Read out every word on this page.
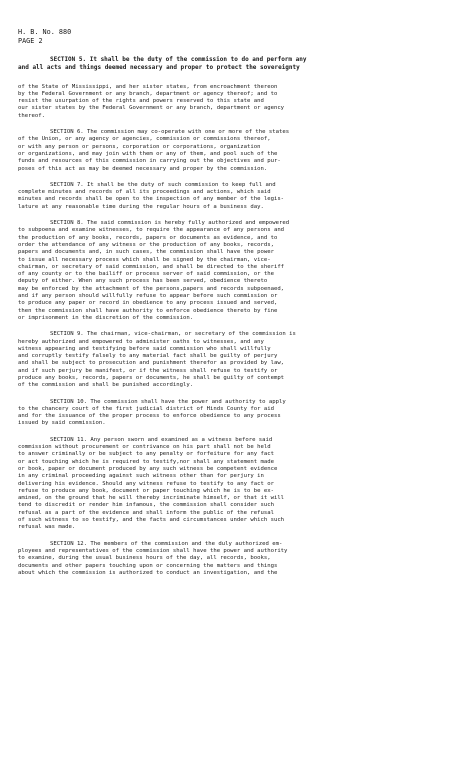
H. B. No. 880
PAGE 2
SECTION 5. It shall be the duty of the commission to do and perform any
and all acts and things deemed necessary and proper to protect the sovereignty
of the State of Mississippi, and her sister states, from encroachment thereon
by the Federal Government or any branch, department or agency thereof; and to
resist the usurpation of the rights and powers reserved to this state and
our sister states by the Federal Government or any branch, department or agency
thereof.
SECTION 6. The commission may co-operate with one or more of the states
of the Union, or any agency or agencies, commission or commissions thereof,
or with any person or persons, corporation or corporations, organization
or organizations, and may join with them or any of them, and pool such of the
funds and resources of this commission in carrying out the objectives and pur-
poses of this act as may be deemed necessary and proper by the commission.
SECTION 7. It shall be the duty of such commission to keep full and
complete minutes and records of all its proceedings and actions, which said
minutes and records shall be open to the inspection of any member of the legis-
lature at any reasonable time during the regular hours of a business day.
SECTION 8. The said commission is hereby fully authorized and empowered
to subpoena and examine witnesses, to require the appearance of any persons and
the production of any books, records, papers or documents as evidence, and to
order the attendance of any witness or the production of any books, records,
papers and documents and, in such cases, the commission shall have the power
to issue all necessary process which shall be signed by the chairman, vice-
chairman, or secretary of said commission, and shall be directed to the sheriff
of any county or to the bailiff or process server of said commission, or the
deputy of either. When any such process has been served, obedience thereto
may be enforced by the attachment of the persons,papers and records subpoenaed,
and if any person should willfully refuse to appear before such commission or
to produce any paper or record in obedience to any process issued and served,
then the commission shall have authority to enforce obedience thereto by fine
or imprisonment in the discretion of the commission.
SECTION 9. The chairman, vice-chairman, or secretary of the commission is
hereby authorized and empowered to administer oaths to witnesses, and any
witness appearing and testifying before said commission who shall willfully
and corruptly testify falsely to any material fact shall be guilty of perjury
and shall be subject to prosecution and punishment therefor as provided by law,
and if such perjury be manifest, or if the witness shall refuse to testify or
produce any books, records, papers or documents, he shall be guilty of contempt
of the commission and shall be punished accordingly.
SECTION 10. The commission shall have the power and authority to apply
to the chancery court of the first judicial district of Hinds County for aid
and for the issuance of the proper process to enforce obedience to any process
issued by said commission.
SECTION 11. Any person sworn and examined as a witness before said
commission without procurement or contrivance on his part shall not be held
to answer criminally or be subject to any penalty or forfeiture for any fact
or act touching which he is required to testify,nor shall any statement made
or book, paper or document produced by any such witness be competent evidence
in any criminal proceeding against such witness other than for perjury in
delivering his evidence. Should any witness refuse to testify to any fact or
refuse to produce any book, document or paper touching which he is to be ex-
amined, on the ground that he will thereby incriminate himself, or that it will
tend to discredit or render him infamous, the commission shall consider such
refusal as a part of the evidence and shall inform the public of the refusal
of such witness to so testify, and the facts and circumstances under which such
refusal was made.
SECTION 12. The members of the commission and the duly authorized em-
ployees and representatives of the commission shall have the power and authority
to examine, during the usual business hours of the day, all records, books,
documents and other papers touching upon or concerning the matters and things
about which the commission is authorized to conduct an investigation, and the
